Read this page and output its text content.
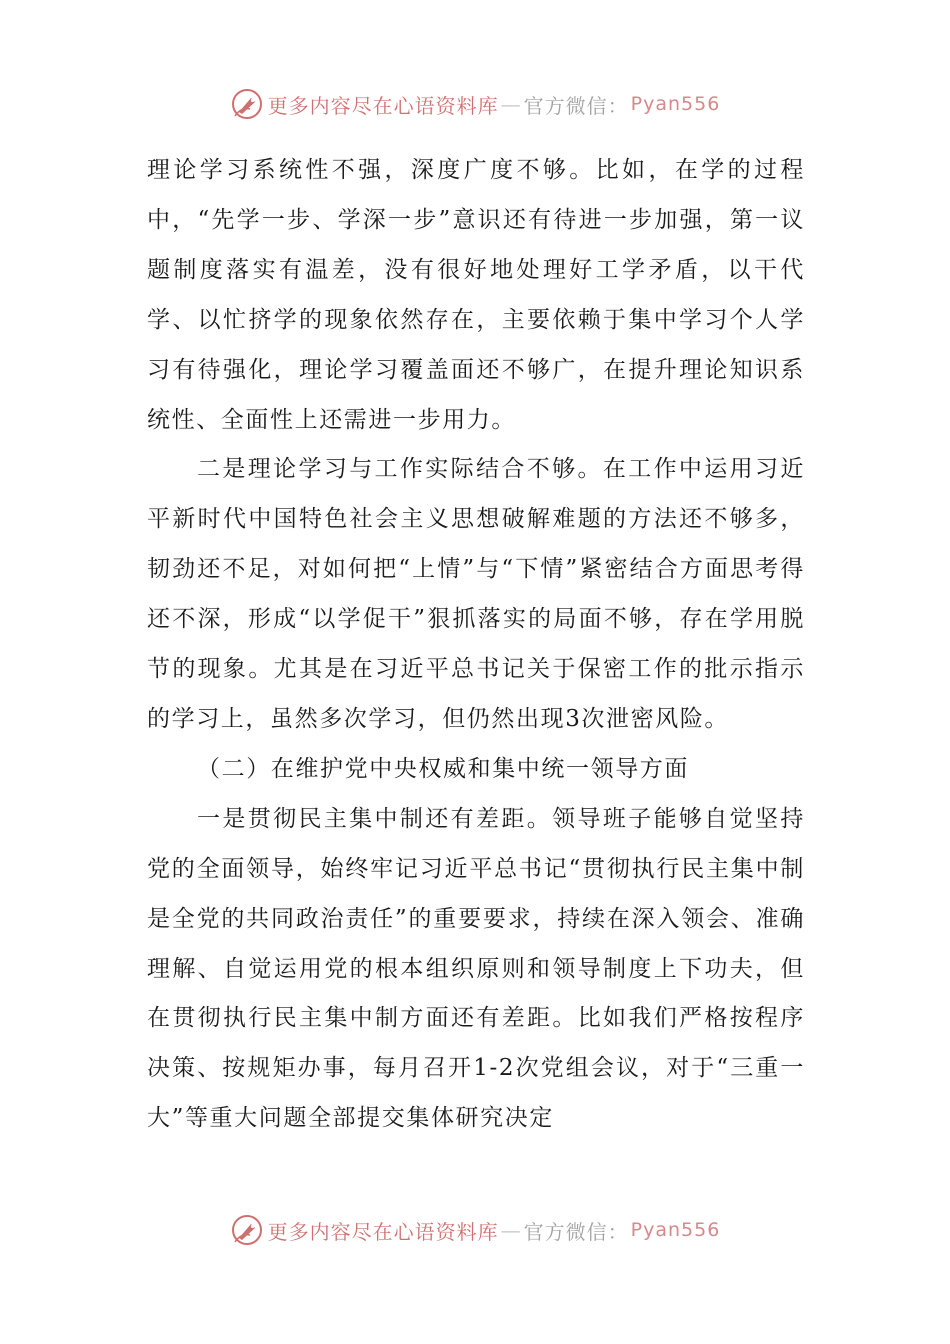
更多内容尽在心语资料库 — 官方微信： Pyan556

理论学习系统性不强，深度广度不够。比如，在学的过程中，“先学一步、学深一步”意识还有待进一步加强，第一议题制度落实有温差，没有很好地处理好工学矛盾，以干代学、以忙挤学的现象依然存在，主要依赖于集中学习个人学习有待强化，理论学习覆盖面还不够广，在提升理论知识系统性、全面性上还需进一步用力。

二是理论学习与工作实际结合不够。在工作中运用习近平新时代中国特色社会主义思想破解难题的方法还不够多，韧劲还不足，对如何把“上情”与“下情”紧密结合方面思考得还不深，形成“以学促干”狠抓落实的局面不够，存在学用脱节的现象。尤其是在习近平总书记关于保密工作的批示指示的学习上，虽然多次学习，但仍然出现3次泄密风险。

（二）在维护党中央权威和集中统一领导方面

一是贯彻民主集中制还有差距。领导班子能够自觉坚持党的全面领导，始终牢记习近平总书记“贯彻执行民主集中制是全党的共同政治责任”的重要要求，持续在深入领会、准确理解、自觉运用党的根本组织原则和领导制度上下功夫，但在贯彻执行民主集中制方面还有差距。比如我们严格按程序决策、按规矩办事，每月召开1-2次党组会议，对于“三重一大”等重大问题全部提交集体研究决定

更多内容尽在心语资料库 — 官方微信： Pyan556
